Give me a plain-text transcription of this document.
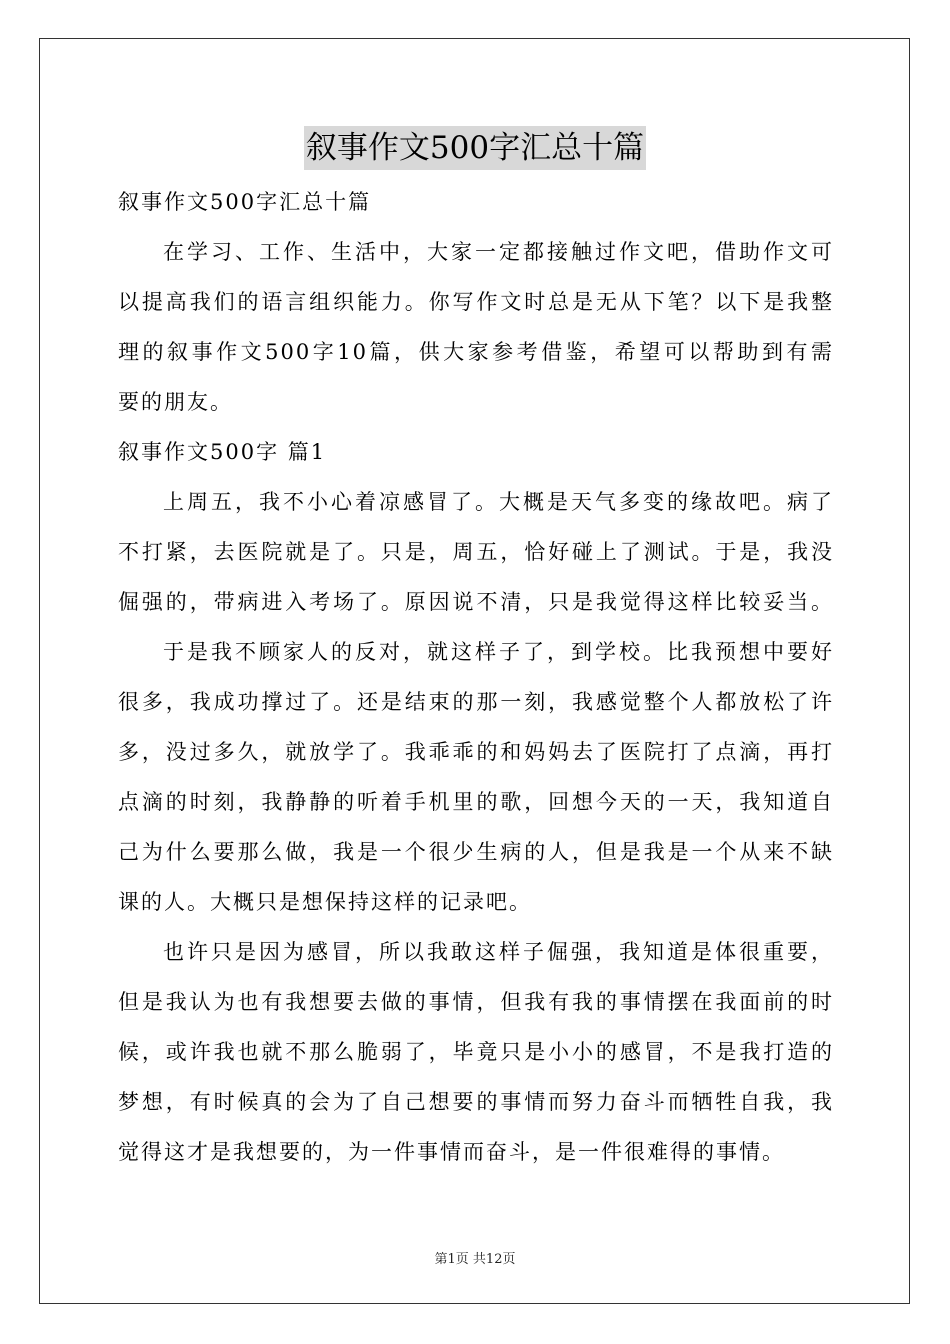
叙事作文500字汇总十篇
叙事作文500字汇总十篇
在学习、工作、生活中，大家一定都接触过作文吧，借助作文可
以提高我们的语言组织能力。你写作文时总是无从下笔？以下是我整
理的叙事作文500字10篇，供大家参考借鉴，希望可以帮助到有需
要的朋友。
叙事作文500字 篇1
上周五，我不小心着凉感冒了。大概是天气多变的缘故吧。病了
不打紧，去医院就是了。只是，周五，恰好碰上了测试。于是，我没
倔强的，带病进入考场了。原因说不清，只是我觉得这样比较妥当。
于是我不顾家人的反对，就这样子了，到学校。比我预想中要好
很多，我成功撑过了。还是结束的那一刻，我感觉整个人都放松了许
多，没过多久，就放学了。我乖乖的和妈妈去了医院打了点滴，再打
点滴的时刻，我静静的听着手机里的歌，回想今天的一天，我知道自
己为什么要那么做，我是一个很少生病的人，但是我是一个从来不缺
课的人。大概只是想保持这样的记录吧。
也许只是因为感冒，所以我敢这样子倔强，我知道是体很重要，
但是我认为也有我想要去做的事情，但我有我的事情摆在我面前的时
候，或许我也就不那么脆弱了，毕竟只是小小的感冒，不是我打造的
梦想，有时候真的会为了自己想要的事情而努力奋斗而牺牲自我，我
觉得这才是我想要的，为一件事情而奋斗，是一件很难得的事情。
第1页 共12页
